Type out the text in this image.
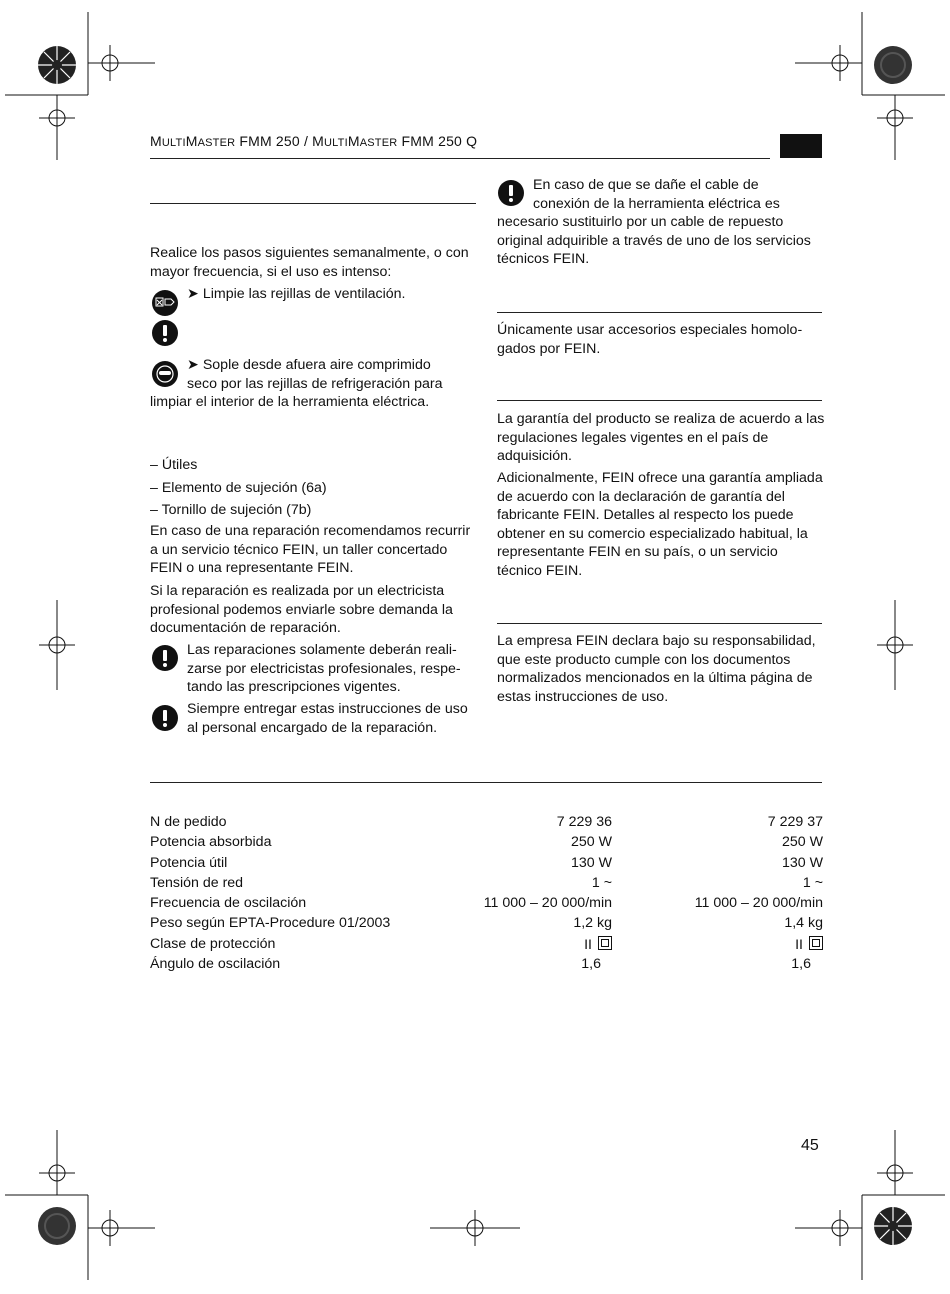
MULTIMASTER FMM 250 / MULTIMASTER FMM 250 Q
Realice los pasos siguientes semanalmente, o con mayor frecuencia, si el uso es intenso:
➤ Limpie las rejillas de ventilación.
➤ Sople desde afuera aire comprimido
seco por las rejillas de refrigeración para
limpiar el interior de la herramienta eléctrica.
– Útiles
– Elemento de sujeción (6a)
– Tornillo de sujeción (7b)
En caso de una reparación recomendamos recurrir a un servicio técnico FEIN, un taller concertado FEIN o una representante FEIN.
Si la reparación es realizada por un electricista profesional podemos enviarle sobre demanda la documentación de reparación.
Las reparaciones solamente deberán realizarse por electricistas profesionales, respetando las prescripciones vigentes.
Siempre entregar estas instrucciones de uso al personal encargado de la reparación.
En caso de que se dañe el cable de
conexión de la herramienta eléctrica es
necesario sustituirlo por un cable de repuesto original adquirible a través de uno de los servicios técnicos FEIN.
Únicamente usar accesorios especiales homologados por FEIN.
La garantía del producto se realiza de acuerdo a las regulaciones legales vigentes en el país de adquisición.
Adicionalmente, FEIN ofrece una garantía ampliada de acuerdo con la declaración de garantía del fabricante FEIN. Detalles al respecto los puede obtener en su comercio especializado habitual, la representante FEIN en su país, o un servicio técnico FEIN.
La empresa FEIN declara bajo su responsabilidad, que este producto cumple con los documentos normalizados mencionados en la última página de estas instrucciones de uso.
N de pedido	7 229 36	7 229 37
Potencia absorbida	250 W	250 W
Potencia útil	130 W	130 W
Tensión de red	1 ~	1 ~
Frecuencia de oscilación	11 000 – 20 000/min	11 000 – 20 000/min
Peso según EPTA-Procedure 01/2003	1,2 kg	1,4 kg
Clase de protección	II	II
Ángulo de oscilación	1,6	1,6
45
